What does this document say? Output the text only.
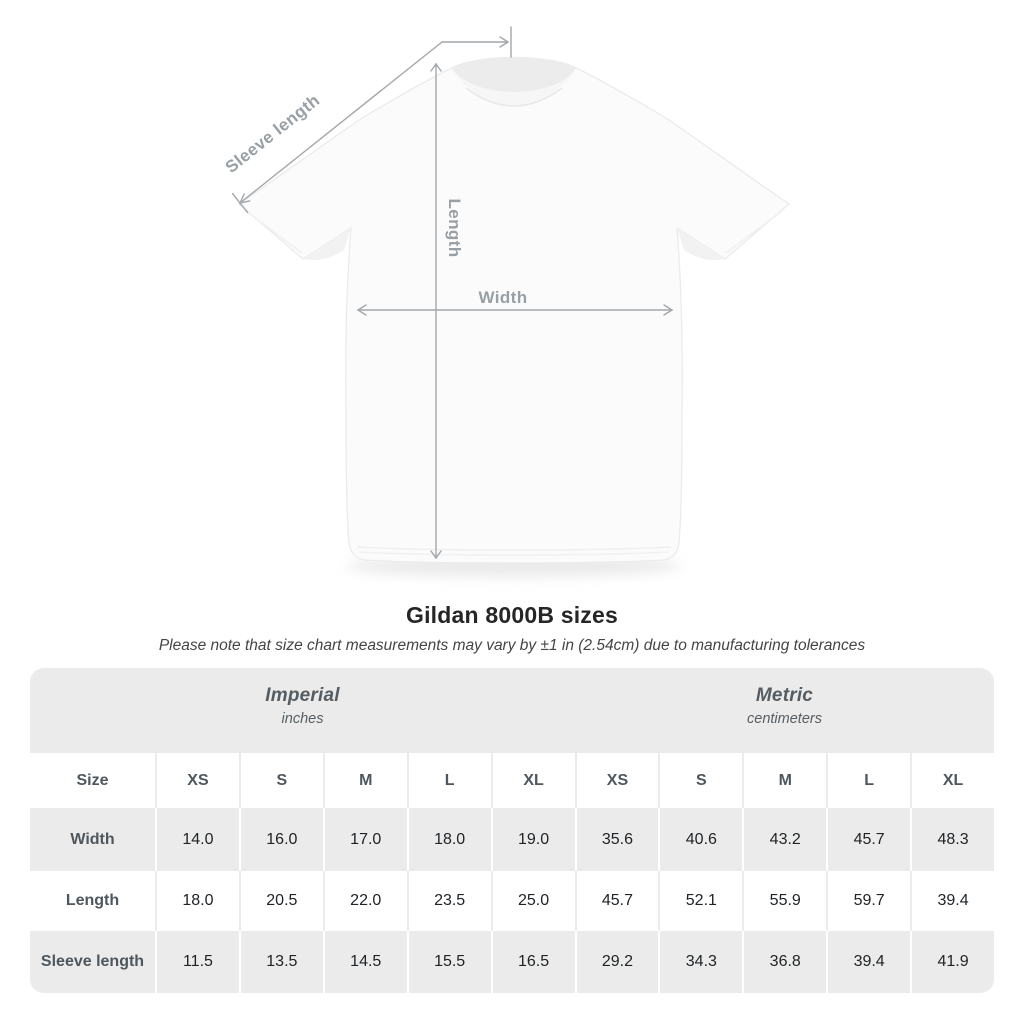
Sleeve length
Length
Width
Gildan 8000B sizes
Please note that size chart measurements may vary by ±1 in (2.54cm) due to manufacturing tolerances
Imperial
inches
Metric
centimeters
Size	XS	S	M	L	XL	XS	S	M	L	XL
Width	14.0	16.0	17.0	18.0	19.0	35.6	40.6	43.2	45.7	48.3
Length	18.0	20.5	22.0	23.5	25.0	45.7	52.1	55.9	59.7	39.4
Sleeve length	11.5	13.5	14.5	15.5	16.5	29.2	34.3	36.8	39.4	41.9
